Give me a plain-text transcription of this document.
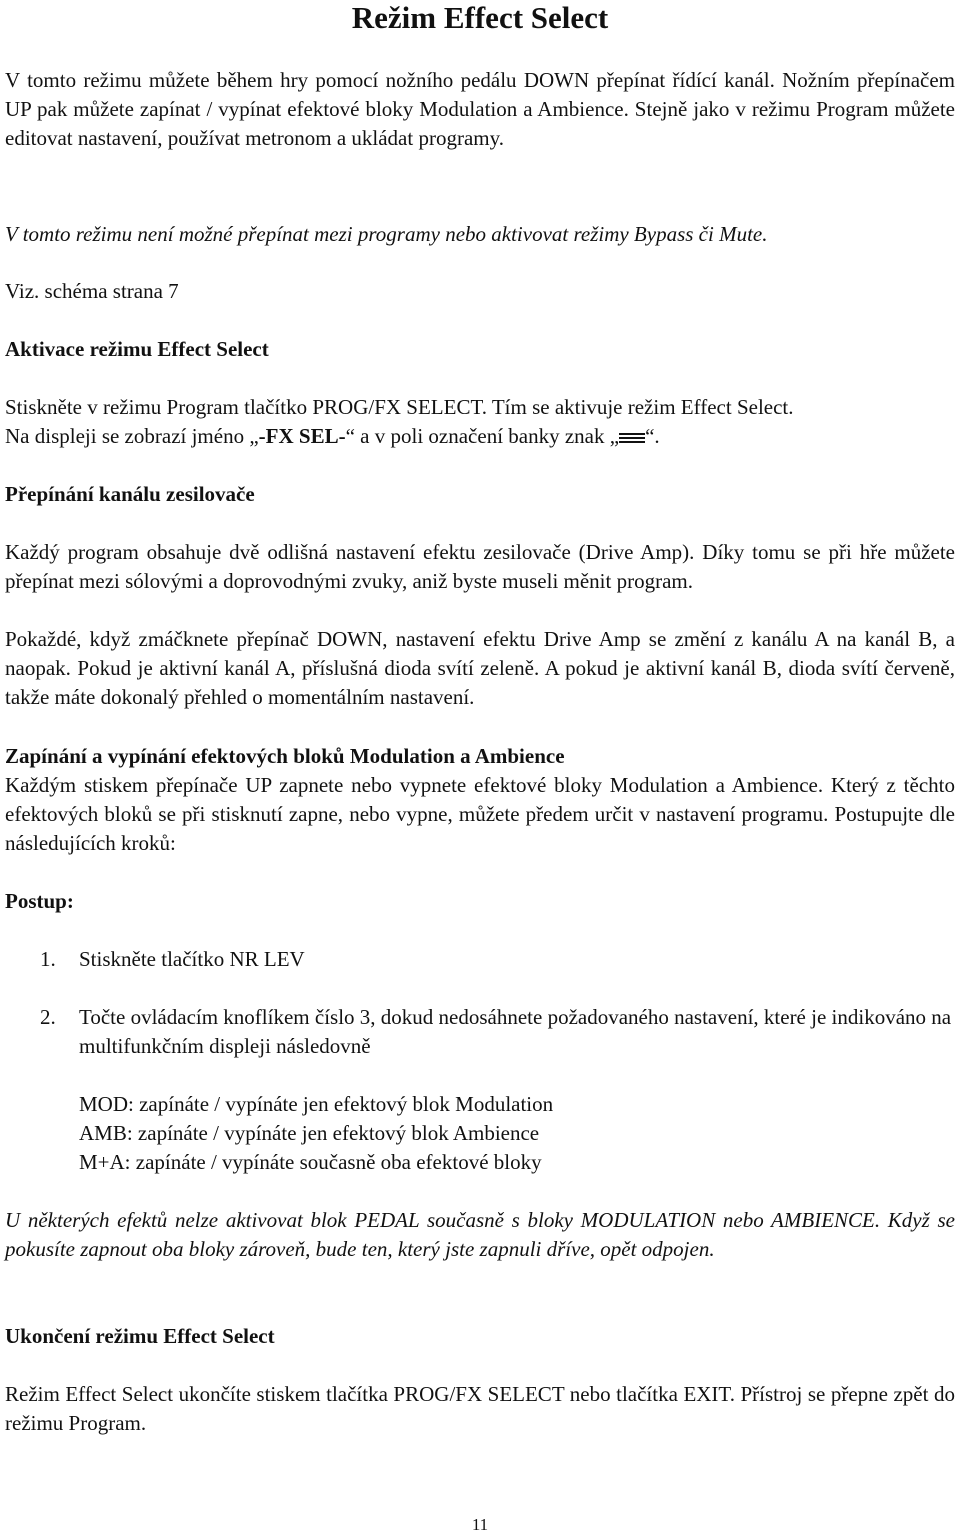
Režim Effect Select

V tomto režimu můžete během hry pomocí nožního pedálu DOWN přepínat řídící kanál. Nožním přepínačem UP pak můžete zapínat / vypínat efektové bloky Modulation a Ambience. Stejně jako v režimu Program můžete editovat nastavení, používat metronom a ukládat programy.

V tomto režimu není možné přepínat mezi programy nebo aktivovat režimy Bypass či Mute.

Viz. schéma strana 7

Aktivace režimu Effect Select

Stiskněte v režimu Program tlačítko PROG/FX SELECT. Tím se aktivuje režim Effect Select.

Na displeji se zobrazí jméno „-FX SEL-“ a v poli označení banky znak „ “.

Přepínání kanálu zesilovače

Každý program obsahuje dvě odlišná nastavení efektu zesilovače (Drive Amp). Díky tomu se při hře můžete přepínat mezi sólovými a doprovodnými zvuky, aniž byste museli měnit program.

Pokaždé, když zmáčknete přepínač DOWN, nastavení efektu Drive Amp se změní z kanálu A na kanál B, a naopak. Pokud je aktivní kanál A, příslušná dioda svítí zeleně. A pokud je aktivní kanál B, dioda svítí červeně, takže máte dokonalý přehled o momentálním nastavení.

Zapínání a vypínání efektových bloků Modulation a Ambience

Každým stiskem přepínače UP zapnete nebo vypnete efektové bloky Modulation a Ambience. Který z těchto efektových bloků se při stisknutí zapne, nebo vypne, můžete předem určit v nastavení programu. Postupujte dle následujících kroků:

Postup:

1. Stiskněte tlačítko NR LEV
2. Točte ovládacím knoflíkem číslo 3, dokud nedosáhnete požadovaného nastavení, které je indikováno na multifunkčním displeji následovně
MOD: zapínáte / vypínáte jen efektový blok Modulation
AMB: zapínáte / vypínáte jen efektový blok Ambience
M+A: zapínáte / vypínáte současně oba efektové bloky

U některých efektů nelze aktivovat blok PEDAL současně s bloky MODULATION nebo AMBIENCE. Když se pokusíte zapnout oba bloky zároveň, bude ten, který jste zapnuli dříve, opět odpojen.

Ukončení režimu Effect Select

Režim Effect Select ukončíte stiskem tlačítka PROG/FX SELECT nebo tlačítka EXIT. Přístroj se přepne zpět do režimu Program.

11
